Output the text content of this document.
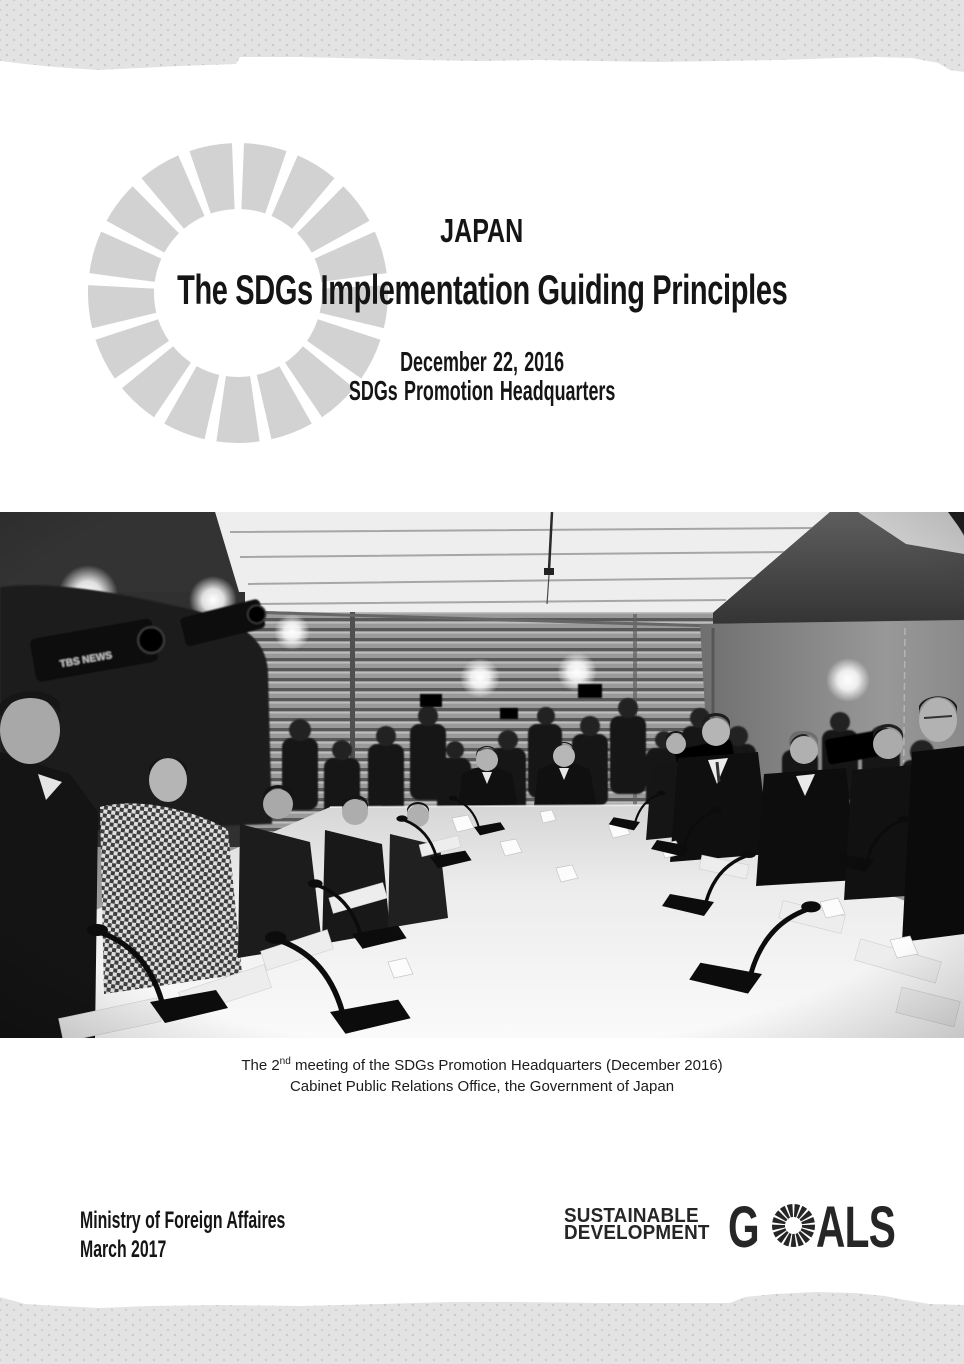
JAPAN
The SDGs Implementation Guiding Principles
December 22, 2016
SDGs Promotion Headquarters
The 2nd meeting of the SDGs Promotion Headquarters (December 2016)
Cabinet Public Relations Office, the Government of Japan
Ministry of Foreign Affaires
March 2017
SUSTAINABLE
DEVELOPMENT G ALS
